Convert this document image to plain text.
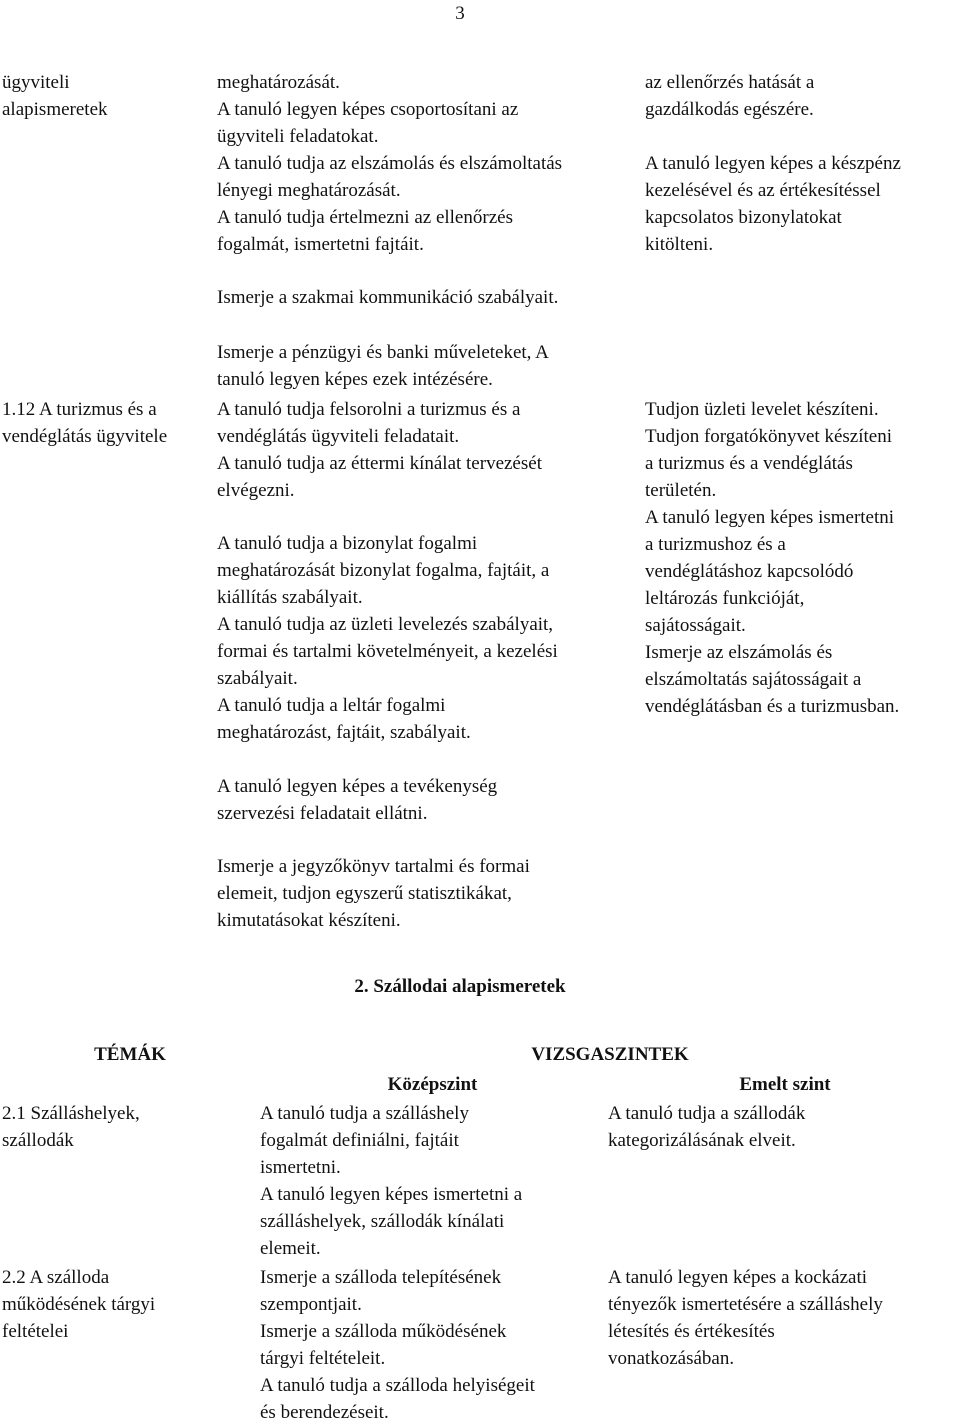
3
ügyviteli
alapismeretek
meghatározását.
A tanuló legyen képes csoportosítani az
ügyviteli feladatokat.
A tanuló tudja az elszámolás és elszámoltatás
lényegi meghatározását.
A tanuló tudja értelmezni az ellenőrzés
fogalmát, ismertetni fajtáit.
Ismerje a szakmai kommunikáció szabályait.
Ismerje a pénzügyi és banki műveleteket, A
tanuló legyen képes ezek intézésére.
az ellenőrzés hatását a
gazdálkodás egészére.
A tanuló legyen képes a készpénz
kezelésével és az értékesítéssel
kapcsolatos bizonylatokat
kitölteni.
1.12 A turizmus és a
vendéglátás ügyvitele
A tanuló tudja felsorolni a turizmus és a
vendéglátás ügyviteli feladatait.
A tanuló tudja az éttermi kínálat tervezését
elvégezni.
A tanuló tudja a bizonylat fogalmi
meghatározását bizonylat fogalma, fajtáit, a
kiállítás szabályait.
A tanuló tudja az üzleti levelezés szabályait,
formai és tartalmi követelményeit, a kezelési
szabályait.
A tanuló tudja a leltár fogalmi
meghatározást, fajtáit, szabályait.
A tanuló legyen képes a tevékenység
szervezési feladatait ellátni.
Ismerje a jegyzőkönyv tartalmi és formai
elemeit, tudjon egyszerű statisztikákat,
kimutatásokat készíteni.
Tudjon üzleti levelet készíteni.
Tudjon forgatókönyvet készíteni
a turizmus és a vendéglátás
területén.
A tanuló legyen képes ismertetni
a turizmushoz és a
vendéglátáshoz kapcsolódó
leltározás funkcióját,
sajátosságait.
Ismerje az elszámolás és
elszámoltatás sajátosságait a
vendéglátásban és a turizmusban.
2. Szállodai alapismeretek
TÉMÁK	VIZSGASZINTEK
Középszint	Emelt szint
2.1 Szálláshelyek,
szállodák
A tanuló tudja a szálláshely
fogalmát definiálni, fajtáit
ismertetni.
A tanuló legyen képes ismertetni a
szálláshelyek, szállodák kínálati
elemeit.
A tanuló tudja a szállodák
kategorizálásának elveit.
2.2 A szálloda
működésének tárgyi
feltételei
Ismerje a szálloda telepítésének
szempontjait.
Ismerje a szálloda működésének
tárgyi feltételeit.
A tanuló tudja a szálloda helyiségeit
és berendezéseit.
A tanuló legyen képes a kockázati
tényezők ismertetésére a szálláshely
létesítés és értékesítés
vonatkozásában.
